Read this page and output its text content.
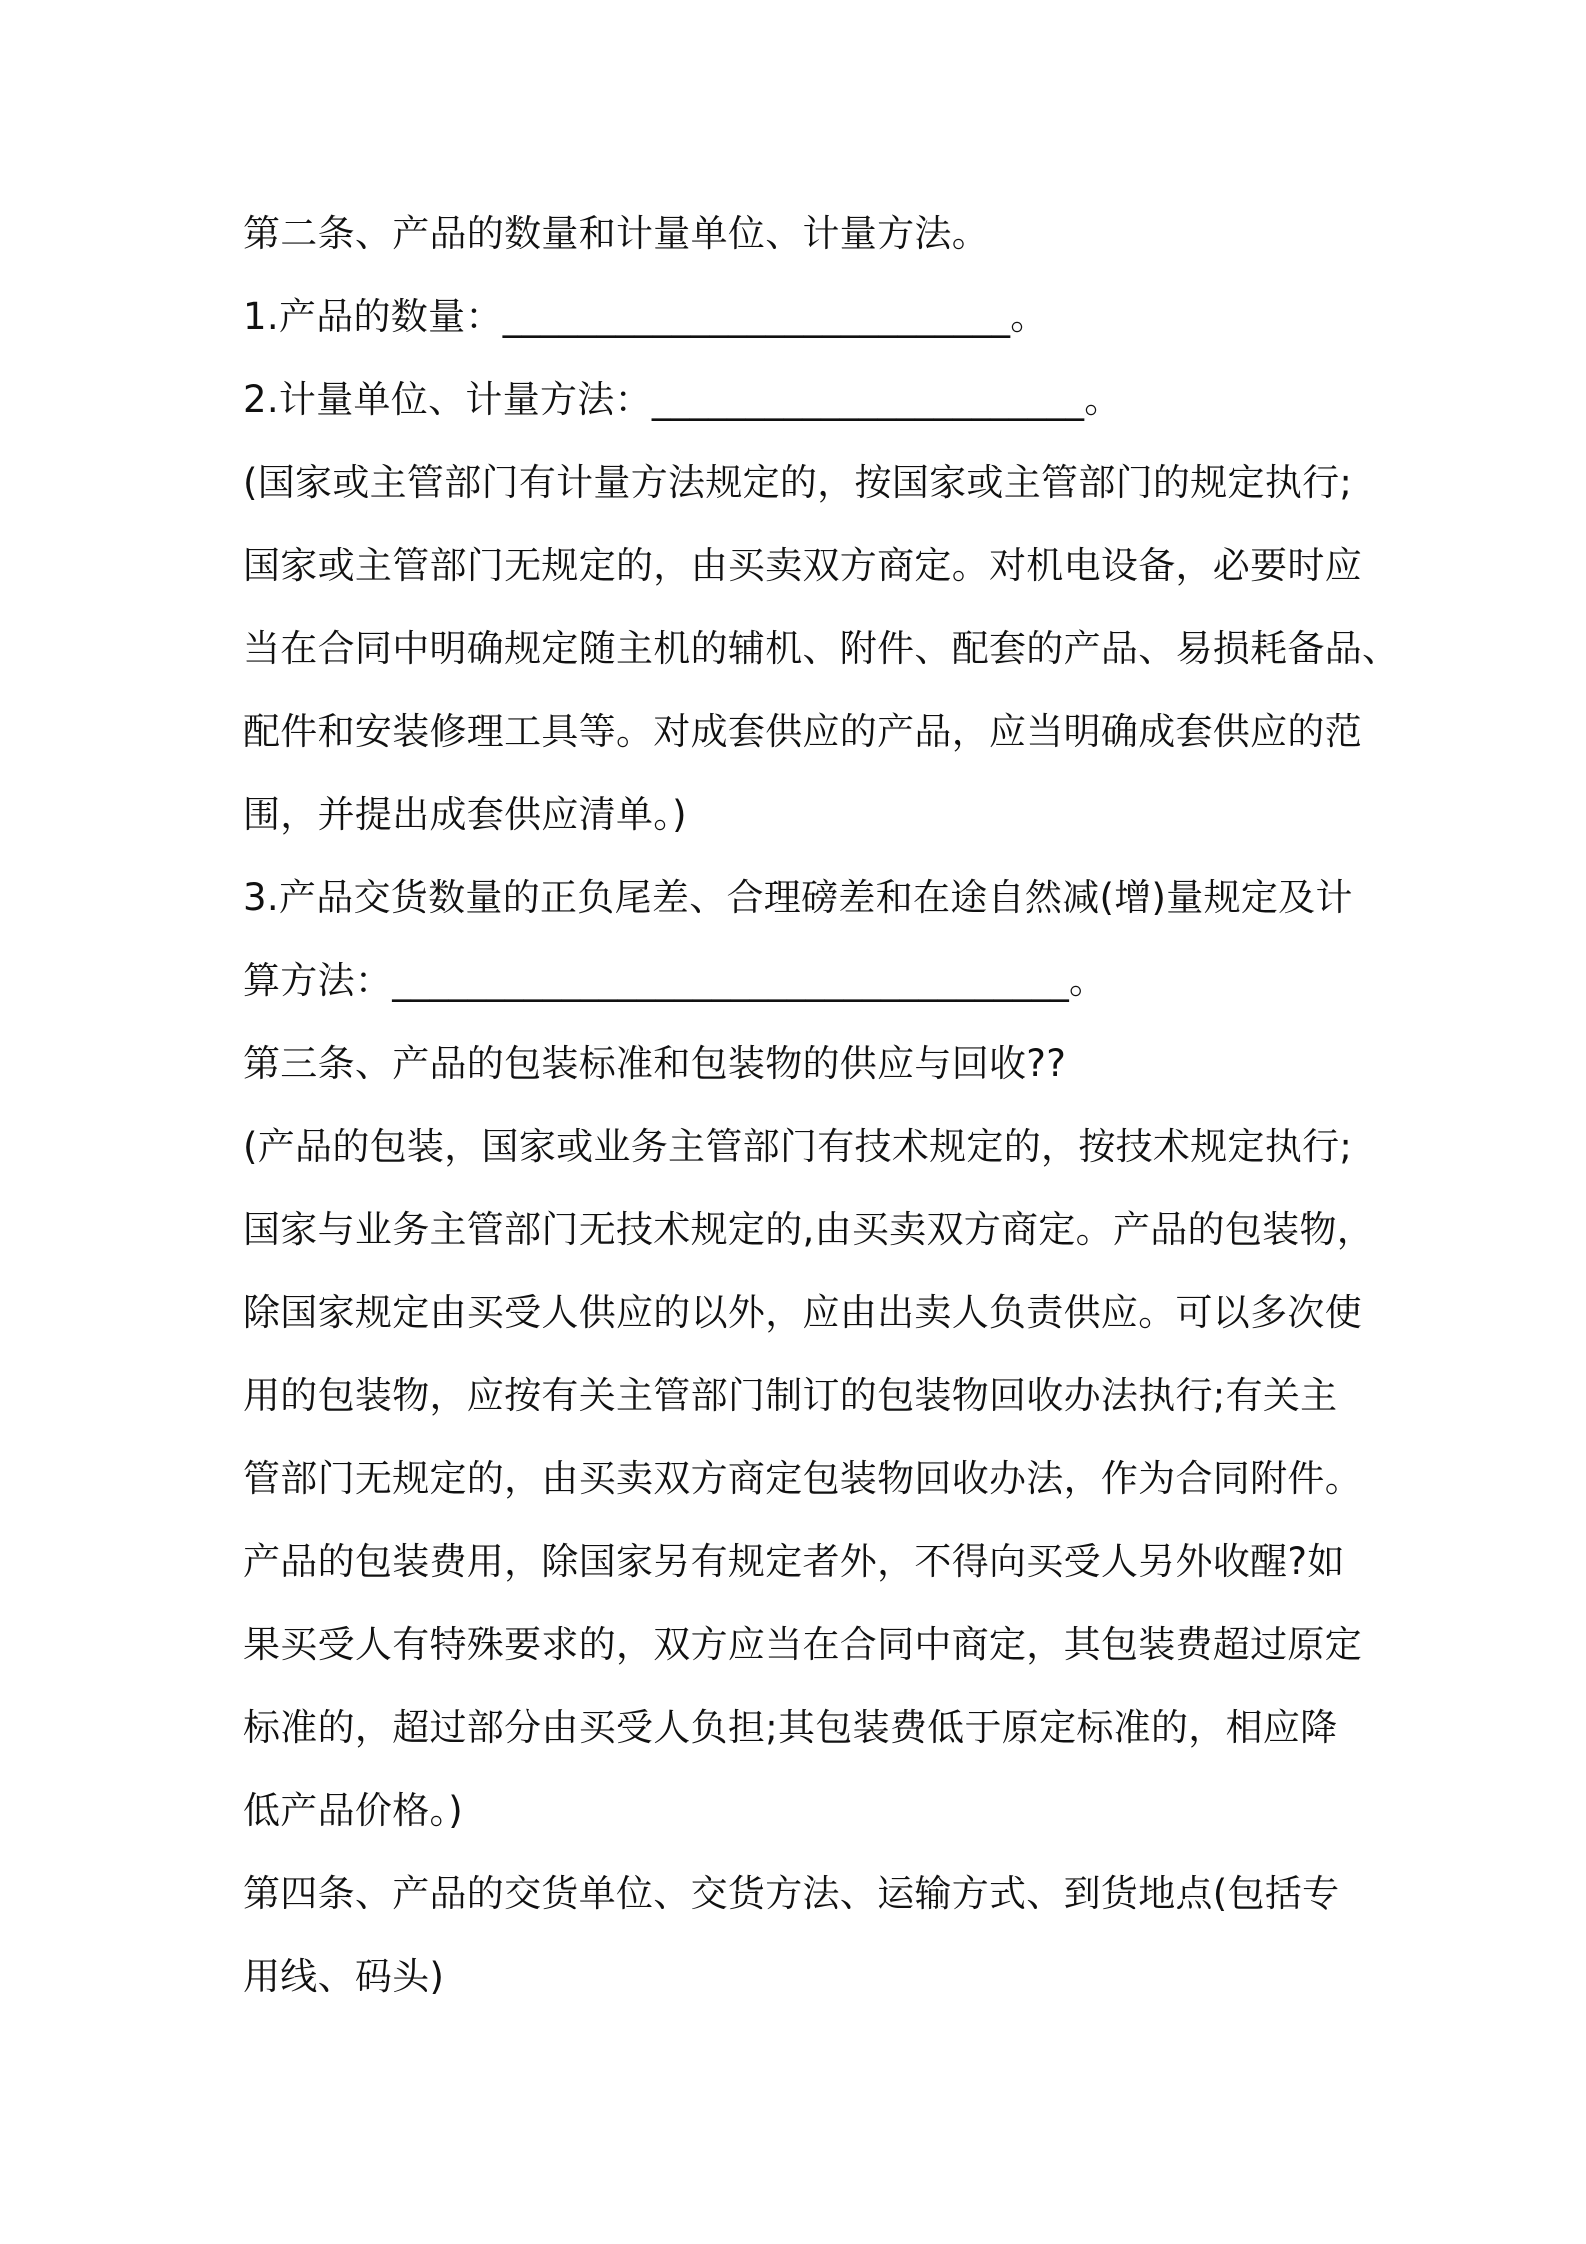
第二条、产品的数量和计量单位、计量方法。
1.产品的数量：___________________________。
2.计量单位、计量方法：_______________________。
(国家或主管部门有计量方法规定的，按国家或主管部门的规定执行;
国家或主管部门无规定的，由买卖双方商定。对机电设备，必要时应
当在合同中明确规定随主机的辅机、附件、配套的产品、易损耗备品、
配件和安装修理工具等。对成套供应的产品，应当明确成套供应的范
围，并提出成套供应清单。)
3.产品交货数量的正负尾差、合理磅差和在途自然减(增)量规定及计
算方法：____________________________________。
第三条、产品的包装标准和包装物的供应与回收??
(产品的包装，国家或业务主管部门有技术规定的，按技术规定执行;
国家与业务主管部门无技术规定的,由买卖双方商定。产品的包装物，
除国家规定由买受人供应的以外，应由出卖人负责供应。可以多次使
用的包装物，应按有关主管部门制订的包装物回收办法执行;有关主
管部门无规定的，由买卖双方商定包装物回收办法，作为合同附件。
产品的包装费用，除国家另有规定者外，不得向买受人另外收醒?如
果买受人有特殊要求的，双方应当在合同中商定，其包装费超过原定
标准的，超过部分由买受人负担;其包装费低于原定标准的，相应降
低产品价格。)
第四条、产品的交货单位、交货方法、运输方式、到货地点(包括专
用线、码头)
